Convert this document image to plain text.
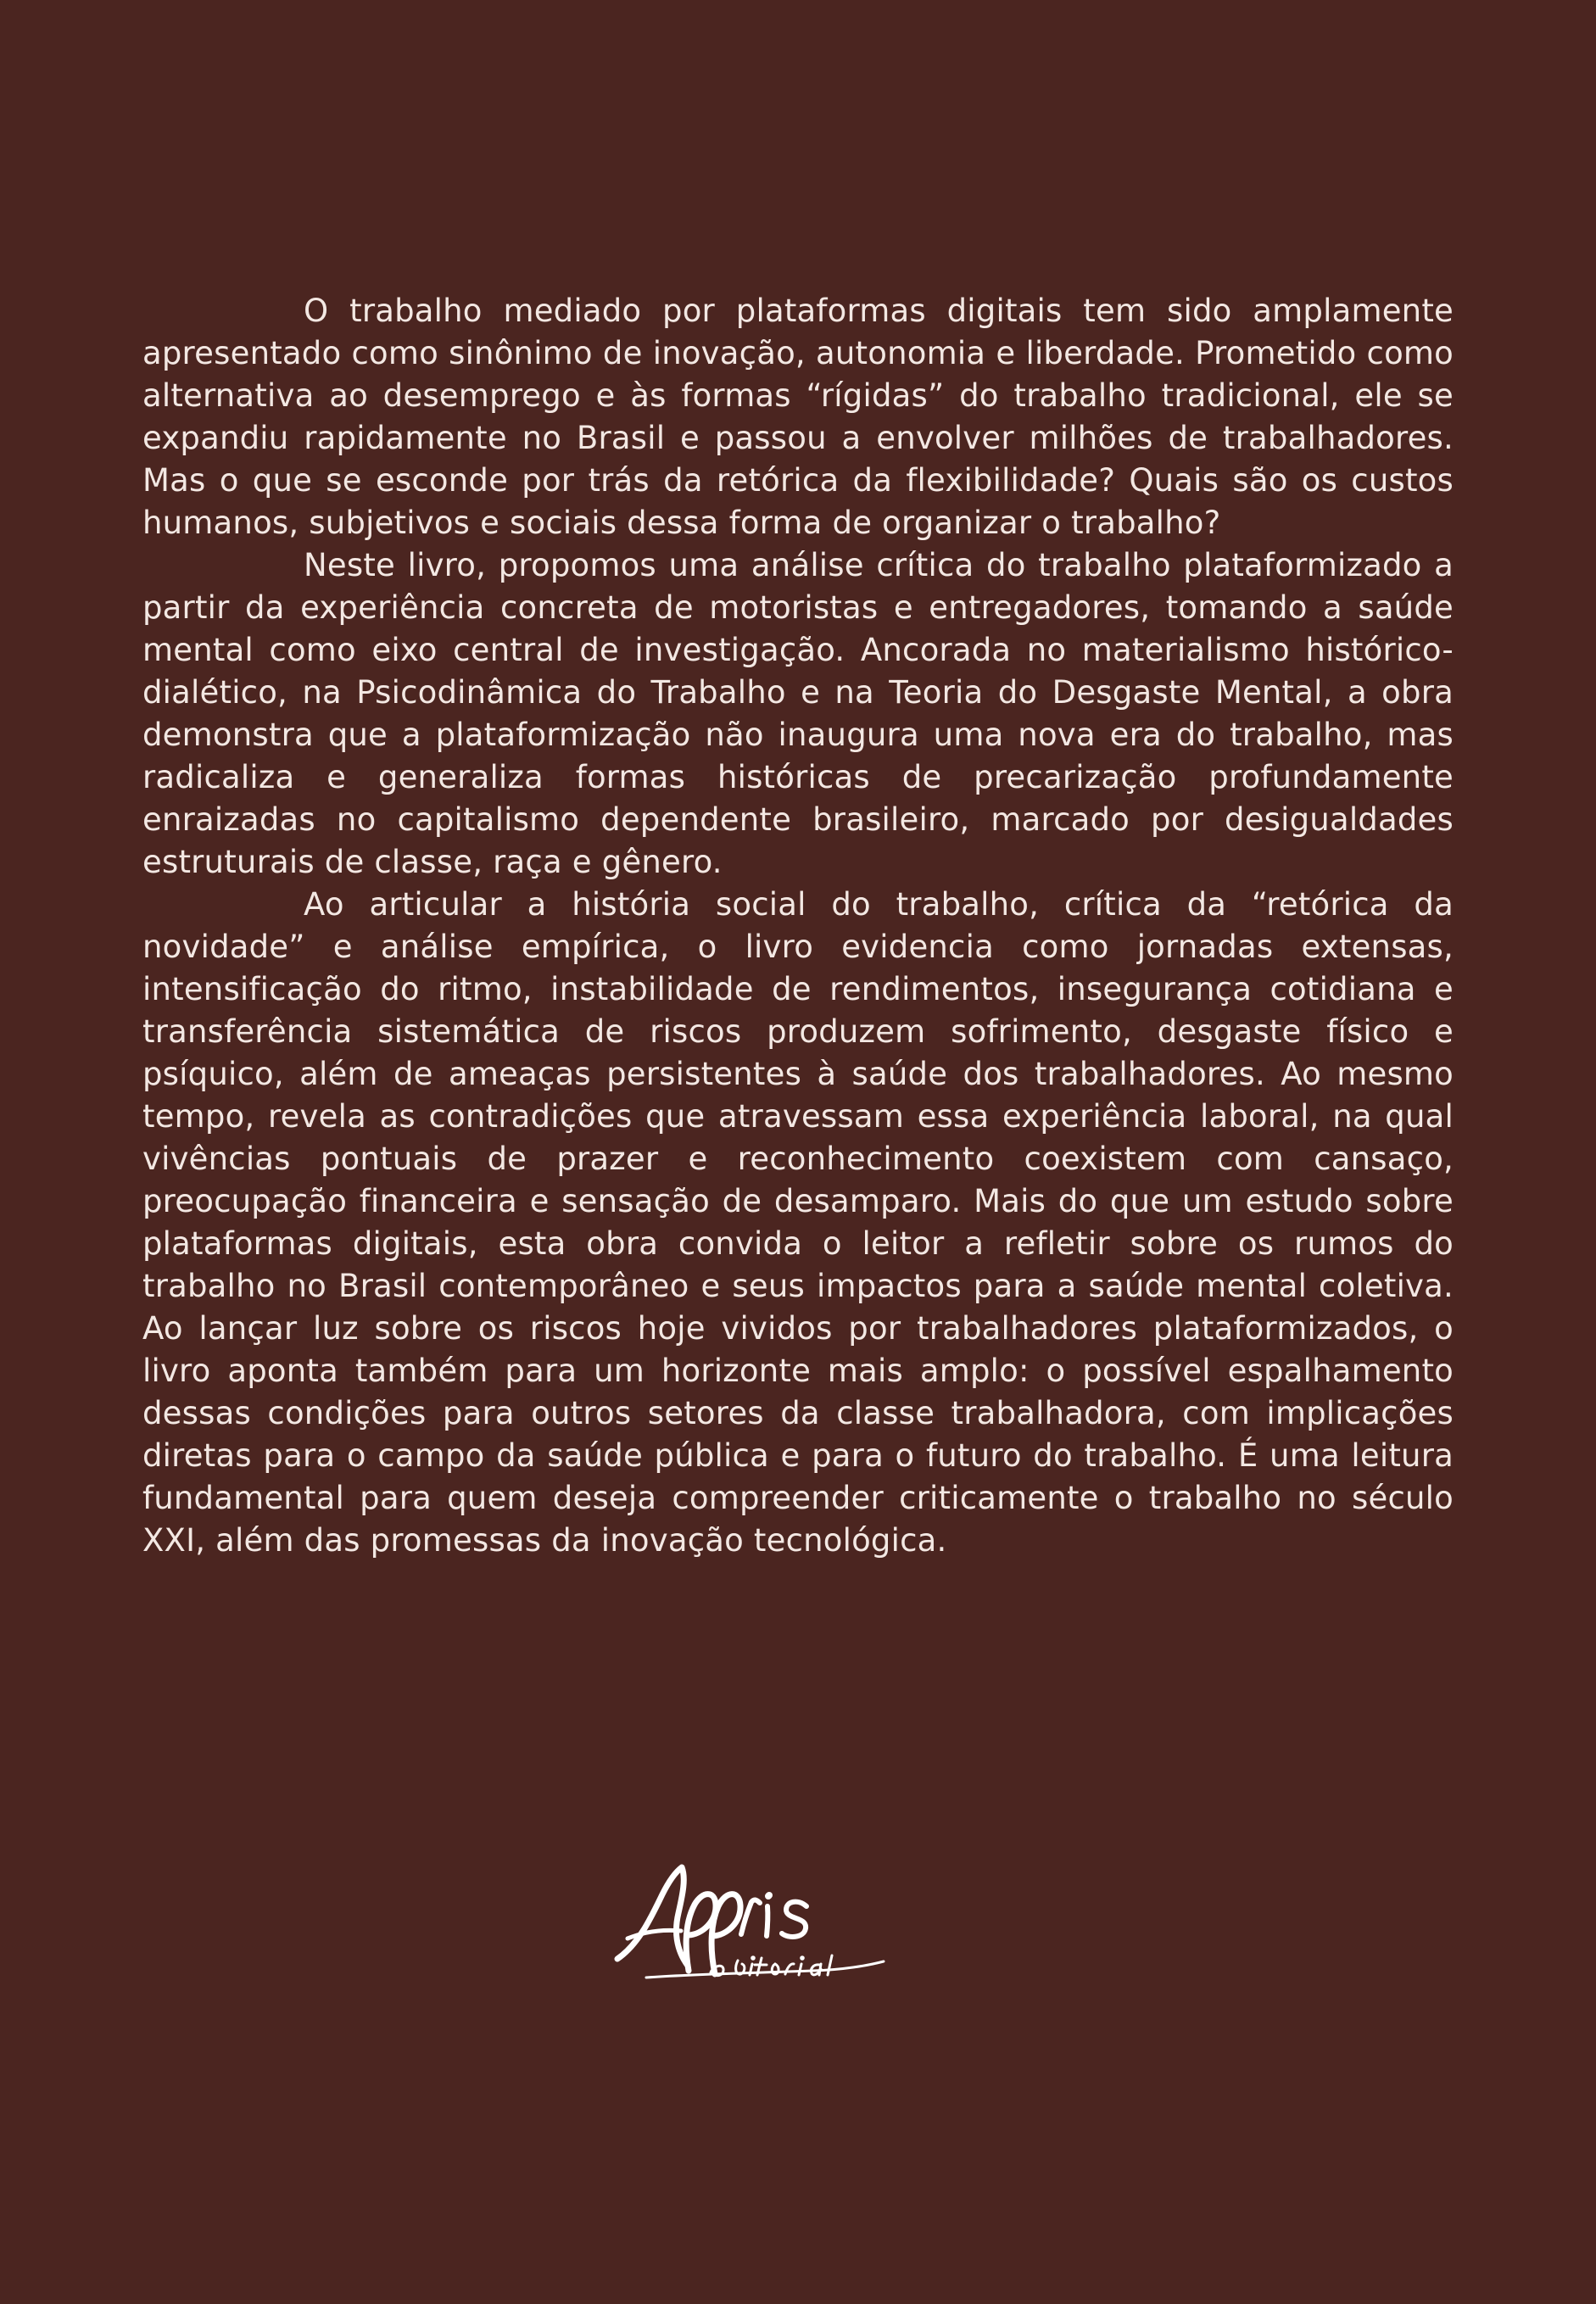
O trabalho mediado por plataformas digitais tem sido amplamente apresentado como sinônimo de inovação, autonomia e liberdade. Prometido como alternativa ao desemprego e às formas “rígidas” do trabalho tradicional, ele se expandiu rapidamente no Brasil e passou a envolver milhões de trabalhadores. Mas o que se esconde por trás da retórica da flexibilidade? Quais são os custos humanos, subjetivos e sociais dessa forma de organizar o trabalho?

Neste livro, propomos uma análise crítica do trabalho plataformizado a partir da experiência concreta de motoristas e entregadores, tomando a saúde mental como eixo central de investigação. Ancorada no materialismo histórico-dialético, na Psicodinâmica do Trabalho e na Teoria do Desgaste Mental, a obra demonstra que a plataformização não inaugura uma nova era do trabalho, mas radicaliza e generaliza formas históricas de precarização profundamente enraizadas no capitalismo dependente brasileiro, marcado por desigualdades estruturais de classe, raça e gênero.

Ao articular a história social do trabalho, crítica da “retórica da novidade” e análise empírica, o livro evidencia como jornadas extensas, intensificação do ritmo, instabilidade de rendimentos, insegurança cotidiana e transferência sistemática de riscos produzem sofrimento, desgaste físico e psíquico, além de ameaças persistentes à saúde dos trabalhadores. Ao mesmo tempo, revela as contradições que atravessam essa experiência laboral, na qual vivências pontuais de prazer e reconhecimento coexistem com cansaço, preocupação financeira e sensação de desamparo. Mais do que um estudo sobre plataformas digitais, esta obra convida o leitor a refletir sobre os rumos do trabalho no Brasil contemporâneo e seus impactos para a saúde mental coletiva. Ao lançar luz sobre os riscos hoje vividos por trabalhadores plataformizados, o livro aponta também para um horizonte mais amplo: o possível espalhamento dessas condições para outros setores da classe trabalhadora, com implicações diretas para o campo da saúde pública e para o futuro do trabalho. É uma leitura fundamental para quem deseja compreender criticamente o trabalho no século XXI, além das promessas da inovação tecnológica.
